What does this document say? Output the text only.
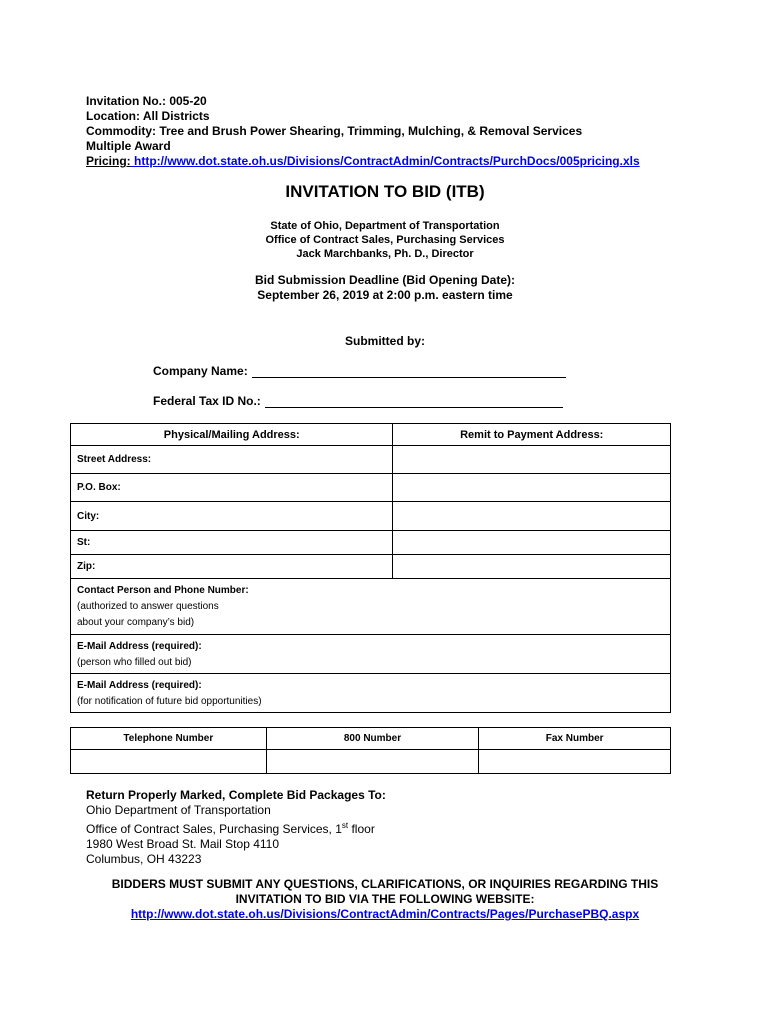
Invitation No.: 005-20
Location: All Districts
Commodity: Tree and Brush Power Shearing, Trimming, Mulching, & Removal Services
Multiple Award
Pricing: http://www.dot.state.oh.us/Divisions/ContractAdmin/Contracts/PurchDocs/005pricing.xls
INVITATION TO BID (ITB)
State of Ohio, Department of Transportation
Office of Contract Sales, Purchasing Services
Jack Marchbanks, Ph. D., Director
Bid Submission Deadline (Bid Opening Date):
September 26, 2019 at 2:00 p.m. eastern time
Submitted by:
Company Name:
Federal Tax ID No.:
Physical/Mailing Address:	Remit to Payment Address:
Street Address:	
P.O. Box:	
City:	
St:	
Zip:	
Contact Person and Phone Number:
(authorized to answer questions
about your company’s bid)	

E-Mail Address (required):
(person who filled out bid)	

E-Mail Address (required):
(for notification of future bid opportunities)	
Telephone Number	800 Number	Fax Number

Return Properly Marked, Complete Bid Packages To:
Ohio Department of Transportation
Office of Contract Sales, Purchasing Services, 1st floor
1980 West Broad St. Mail Stop 4110
Columbus, OH 43223
BIDDERS MUST SUBMIT ANY QUESTIONS, CLARIFICATIONS, OR INQUIRIES REGARDING THIS
INVITATION TO BID VIA THE FOLLOWING WEBSITE:
http://www.dot.state.oh.us/Divisions/ContractAdmin/Contracts/Pages/PurchasePBQ.aspx
